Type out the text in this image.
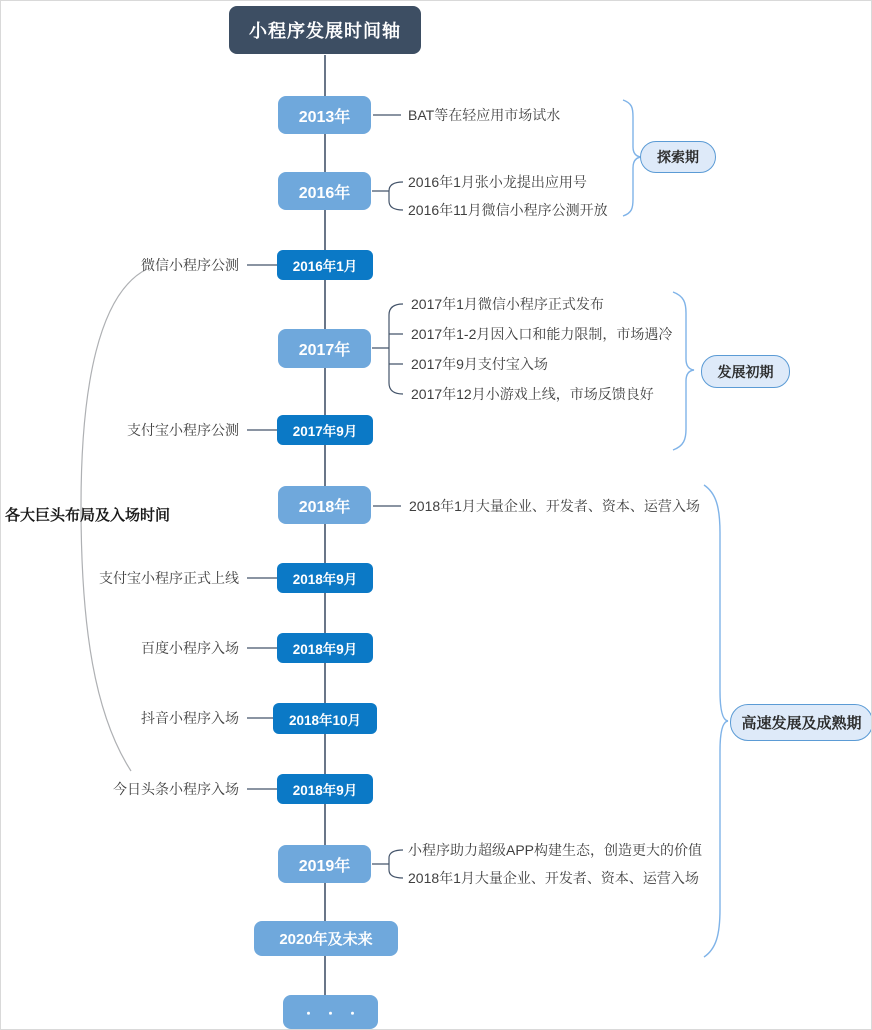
小程序发展时间轴
2013年
2016年
2017年
2018年
2019年
2020年及未来
・・・
2016年1月
2017年9月
2018年9月
2018年9月
2018年10月
2018年9月
BAT等在轻应用市场试水
2016年1月张小龙提出应用号
2016年11月微信小程序公测开放
2017年1月微信小程序正式发布
2017年1-2月因入口和能力限制，市场遇冷
2017年9月支付宝入场
2017年12月小游戏上线，市场反馈良好
2018年1月大量企业、开发者、资本、运营入场
小程序助力超级APP构建生态，创造更大的价值
2018年1月大量企业、开发者、资本、运营入场
微信小程序公测
支付宝小程序公测
支付宝小程序正式上线
百度小程序入场
抖音小程序入场
今日头条小程序入场
各大巨头布局及入场时间
探索期
发展初期
高速发展及成熟期
